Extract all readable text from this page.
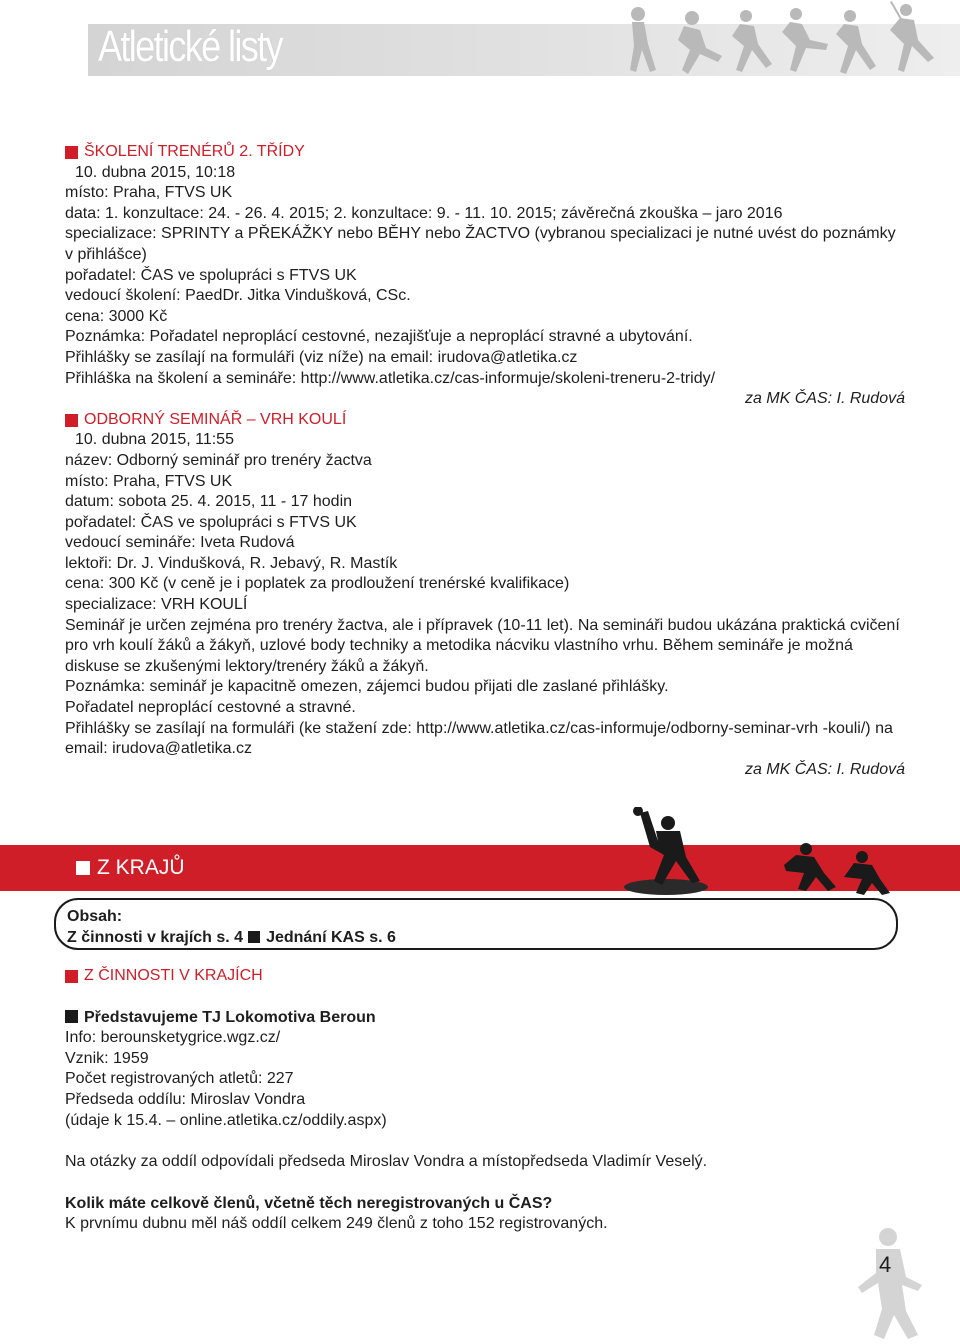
Atletické listy
ŠKOLENÍ TRENÉRŮ 2. TŘÍDY
10. dubna 2015, 10:18
místo: Praha, FTVS UK
data: 1. konzultace: 24. - 26. 4. 2015; 2. konzultace: 9. - 11. 10. 2015; závěrečná zkouška – jaro 2016
specializace: SPRINTY a PŘEKÁŽKY nebo BĚHY nebo ŽACTVO (vybranou specializaci je nutné uvést do poznámky v přihlášce)
pořadatel: ČAS ve spolupráci s FTVS UK
vedoucí školení: PaedDr. Jitka Vindušková, CSc.
cena: 3000 Kč
Poznámka: Pořadatel neproplácí cestovné, nezajišťuje a neproplácí stravné a ubytování.
Přihlášky se zasílají na formuláři (viz níže) na email: irudova@atletika.cz
Přihláška na školení a semináře: http://www.atletika.cz/cas-informuje/skoleni-treneru-2-tridy/
za MK ČAS: I. Rudová
ODBORNÝ SEMINÁŘ – VRH KOULÍ
10. dubna 2015, 11:55
název: Odborný seminář pro trenéry žactva
místo: Praha, FTVS UK
datum: sobota 25. 4. 2015, 11 - 17 hodin
pořadatel: ČAS ve spolupráci s FTVS UK
vedoucí semináře: Iveta Rudová
lektoři: Dr. J. Vindušková, R. Jebavý, R. Mastík
cena: 300 Kč (v ceně je i poplatek za prodloužení trenérské kvalifikace)
specializace: VRH KOULÍ
Seminář je určen zejména pro trenéry žactva, ale i přípravek (10-11 let). Na semináři budou ukázána praktická cvičení pro vrh koulí žáků a žákyň, uzlové body techniky a metodika nácviku vlastního vrhu. Během semináře je možná diskuse se zkušenými lektory/trenéry žáků a žákyň.
Poznámka: seminář je kapacitně omezen, zájemci budou přijati dle zaslané přihlášky.
Pořadatel neproplácí cestovné a stravné.
Přihlášky se zasílají na formuláři (ke stažení zde: http://www.atletika.cz/cas-informuje/odborny-seminar-vrh -kouli/) na email: irudova@atletika.cz
za MK ČAS: I. Rudová
Z KRAJŮ
Obsah:
Z činnosti v krajích s. 4 Jednání KAS s. 6
Z ČINNOSTI V KRAJÍCH
Představujeme TJ Lokomotiva Beroun
Info: berounsketygrice.wgz.cz/
Vznik: 1959
Počet registrovaných atletů: 227
Předseda oddílu: Miroslav Vondra
(údaje k 15.4. – online.atletika.cz/oddily.aspx)
Na otázky za oddíl odpovídali předseda Miroslav Vondra a místopředseda Vladimír Veselý.
Kolik máte celkově členů, včetně těch neregistrovaných u ČAS?
K prvnímu dubnu měl náš oddíl celkem 249 členů z toho 152 registrovaných.
4
